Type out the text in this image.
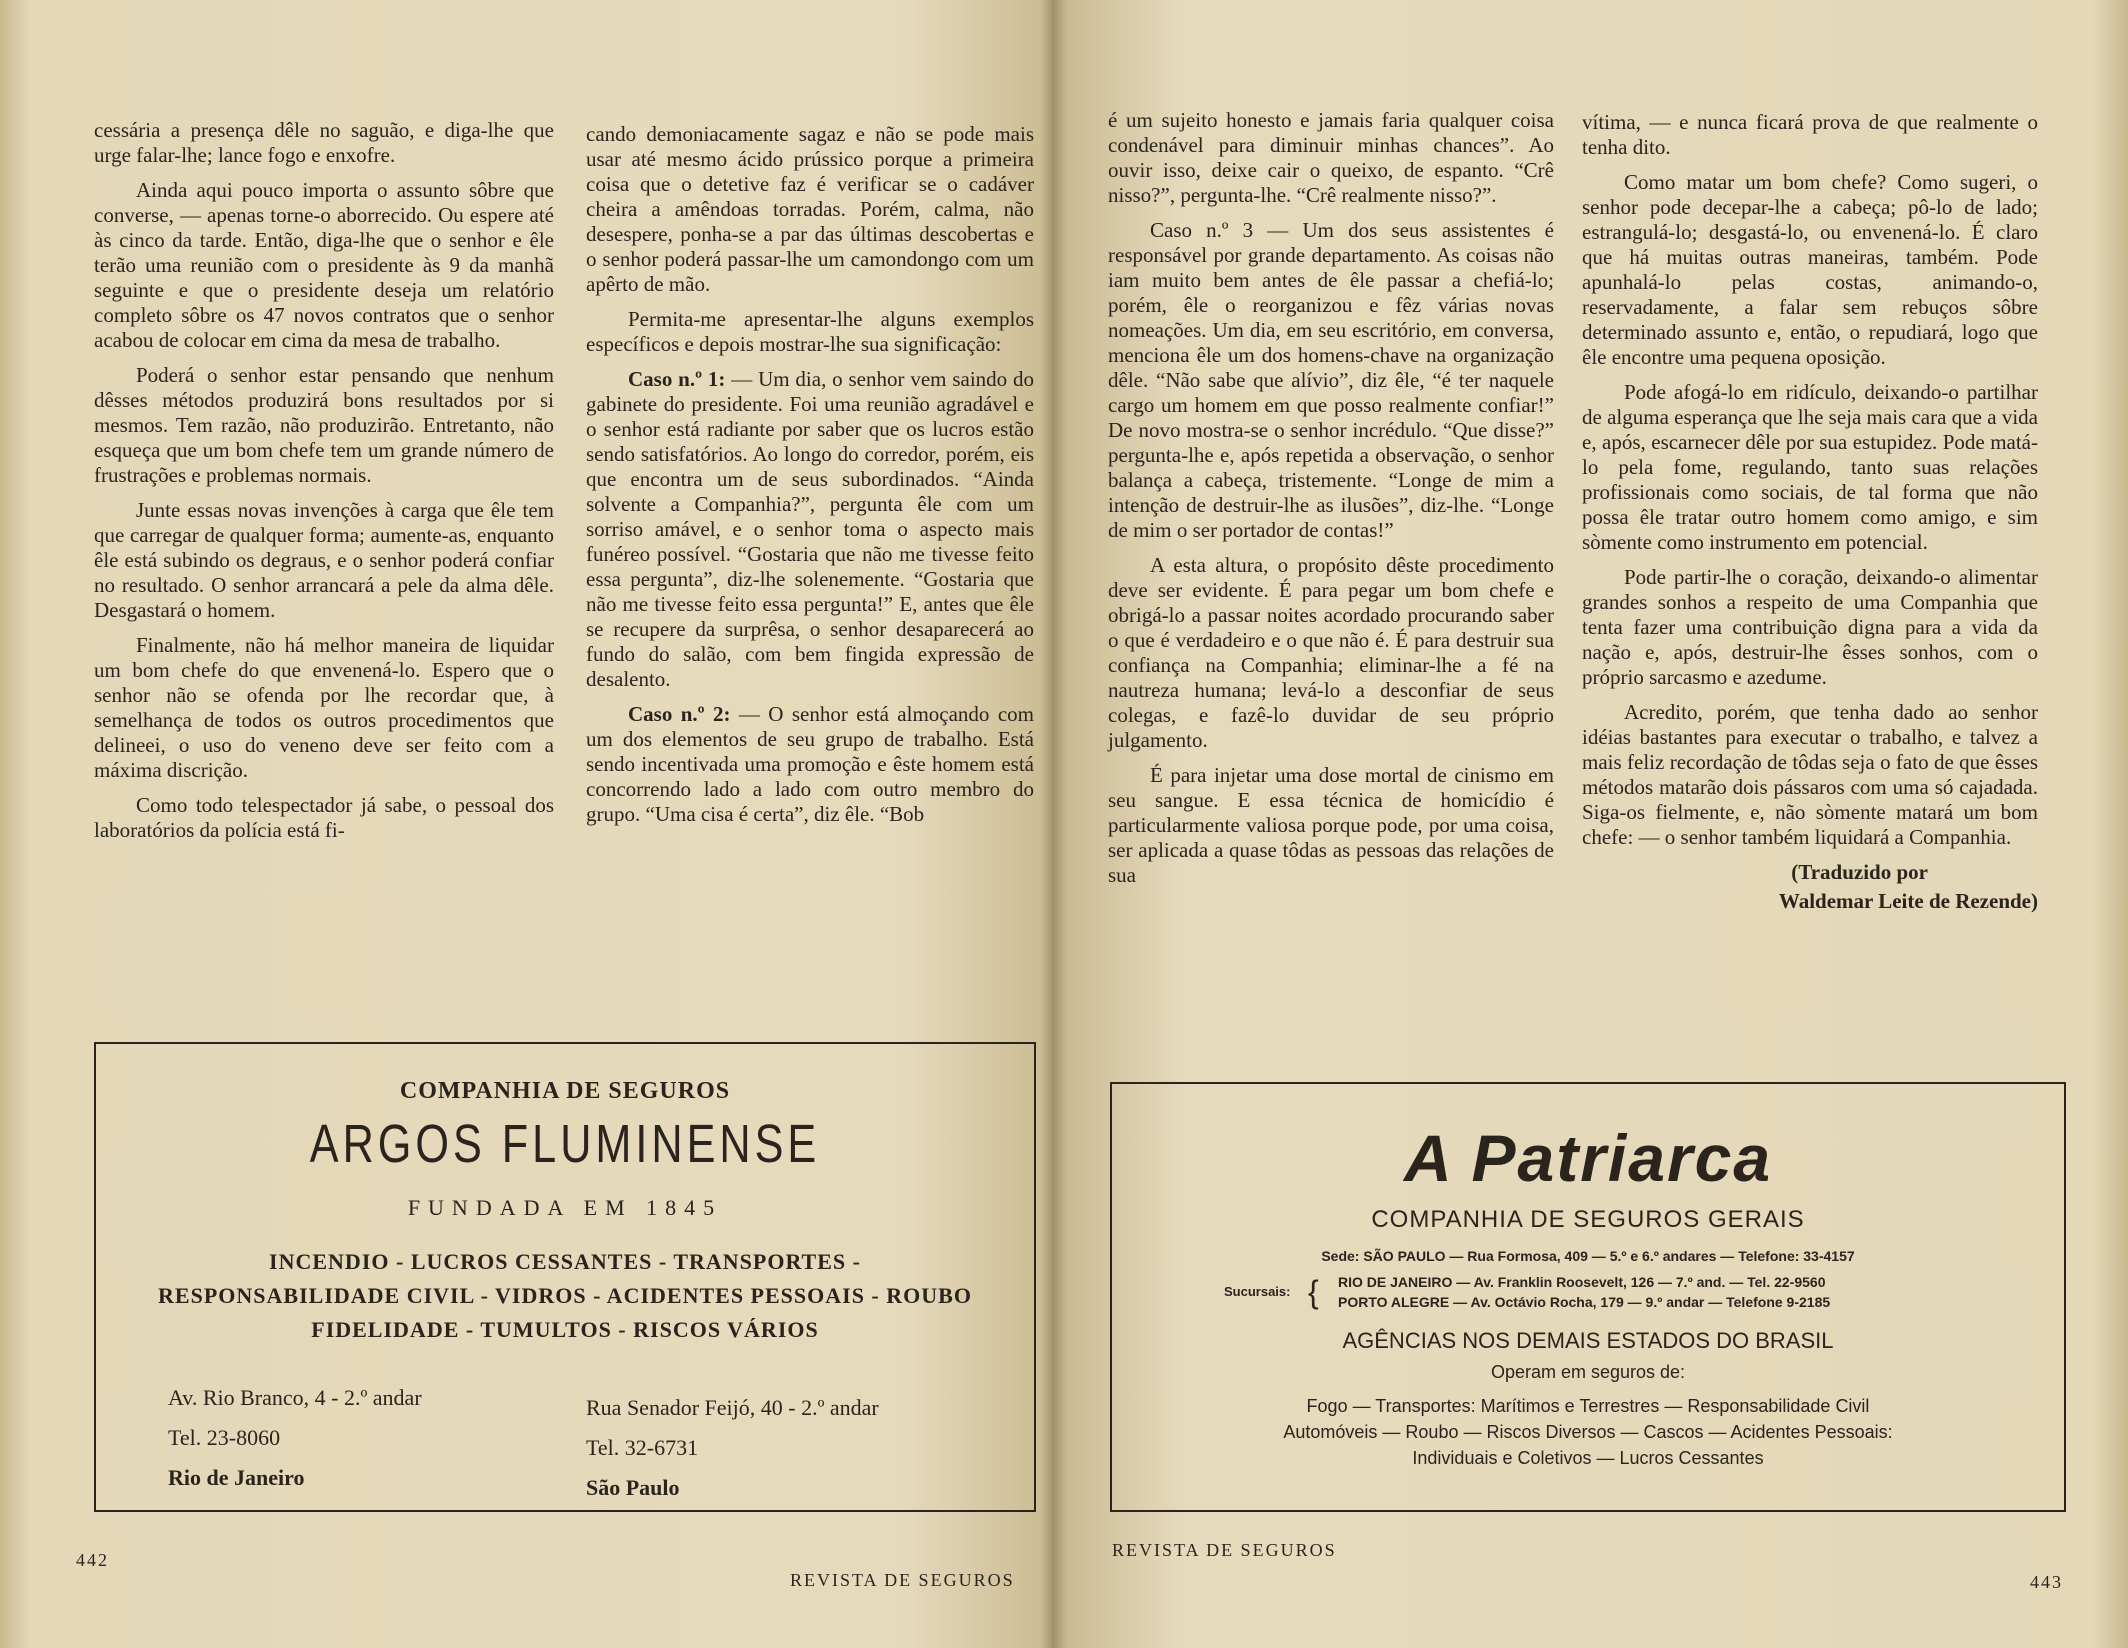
cessária a presença dêle no saguão, e diga-lhe que urge falar-lhe; lance fogo e enxofre.

Ainda aqui pouco importa o assunto sôbre que converse, — apenas torne-o aborrecido. Ou espere até às cinco da tarde. Então, diga-lhe que o senhor e êle terão uma reunião com o presidente às 9 da manhã seguinte e que o presidente deseja um relatório completo sôbre os 47 novos contratos que o senhor acabou de colocar em cima da mesa de trabalho.

Poderá o senhor estar pensando que nenhum dêsses métodos produzirá bons resultados por si mesmos. Tem razão, não produzirão. Entretanto, não esqueça que um bom chefe tem um grande número de frustrações e problemas normais.

Junte essas novas invenções à carga que êle tem que carregar de qualquer forma; aumente-as, enquanto êle está subindo os degraus, e o senhor poderá confiar no resultado. O senhor arrancará a pele da alma dêle. Desgastará o homem.

Finalmente, não há melhor maneira de liquidar um bom chefe do que envenená-lo. Espero que o senhor não se ofenda por lhe recordar que, à semelhança de todos os outros procedimentos que delineei, o uso do veneno deve ser feito com a máxima discrição.

Como todo telespectador já sabe, o pessoal dos laboratórios da polícia está fi-

cando demoniacamente sagaz e não se pode mais usar até mesmo ácido prússico porque a primeira coisa que o detetive faz é verificar se o cadáver cheira a amêndoas torradas. Porém, calma, não desespere, ponha-se a par das últimas descobertas e o senhor poderá passar-lhe um camondongo com um apêrto de mão.

Permita-me apresentar-lhe alguns exemplos específicos e depois mostrar-lhe sua significação:

Caso n.º 1: — Um dia, o senhor vem saindo do gabinete do presidente. Foi uma reunião agradável e o senhor está radiante por saber que os lucros estão sendo satisfatórios. Ao longo do corredor, porém, eis que encontra um de seus subordinados. “Ainda solvente a Companhia?”, pergunta êle com um sorriso amável, e o senhor toma o aspecto mais funéreo possível. “Gostaria que não me tivesse feito essa pergunta”, diz-lhe solenemente. “Gostaria que não me tivesse feito essa pergunta!” E, antes que êle se recupere da surprêsa, o senhor desaparecerá ao fundo do salão, com bem fingida expressão de desalento.

Caso n.º 2: — O senhor está almoçando com um dos elementos de seu grupo de trabalho. Está sendo incentivada uma promoção e êste homem está concorrendo lado a lado com outro membro do grupo. “Uma cisa é certa”, diz êle. “Bob

COMPANHIA DE SEGUROS
ARGOS FLUMINENSE
FUNDADA EM 1845
INCENDIO - LUCROS CESSANTES - TRANSPORTES - RESPONSABILIDADE CIVIL - VIDROS - ACIDENTES PESSOAIS - ROUBO
FIDELIDADE - TUMULTOS - RISCOS VÁRIOS
Av. Rio Branco, 4 - 2.º andar
Tel. 23-8060
Rio de Janeiro
Rua Senador Feijó, 40 - 2.º andar
Tel. 32-6731
São Paulo
442
REVISTA DE SEGUROS

é um sujeito honesto e jamais faria qualquer coisa condenável para diminuir minhas chances”. Ao ouvir isso, deixe cair o queixo, de espanto. “Crê nisso?”, pergunta-lhe. “Crê realmente nisso?”.

Caso n.º 3 — Um dos seus assistentes é responsável por grande departamento. As coisas não iam muito bem antes de êle passar a chefiá-lo; porém, êle o reorganizou e fêz várias novas nomeações. Um dia, em seu escritório, em conversa, menciona êle um dos homens-chave na organização dêle. “Não sabe que alívio”, diz êle, “é ter naquele cargo um homem em que posso realmente confiar!” De novo mostra-se o senhor incrédulo. “Que disse?” pergunta-lhe e, após repetida a observação, o senhor balança a cabeça, tristemente. “Longe de mim a intenção de destruir-lhe as ilusões”, diz-lhe. “Longe de mim o ser portador de contas!”

A esta altura, o propósito dêste procedimento deve ser evidente. É para pegar um bom chefe e obrigá-lo a passar noites acordado procurando saber o que é verdadeiro e o que não é. É para destruir sua confiança na Companhia; eliminar-lhe a fé na nautreza humana; levá-lo a desconfiar de seus colegas, e fazê-lo duvidar de seu próprio julgamento.

É para injetar uma dose mortal de cinismo em seu sangue. E essa técnica de homicídio é particularmente valiosa porque pode, por uma coisa, ser aplicada a quase tôdas as pessoas das relações de sua

vítima, — e nunca ficará prova de que realmente o tenha dito.

Como matar um bom chefe? Como sugeri, o senhor pode decepar-lhe a cabeça; pô-lo de lado; estrangulá-lo; desgastá-lo, ou envenená-lo. É claro que há muitas outras maneiras, também. Pode apunhalá-lo pelas costas, animando-o, reservadamente, a falar sem rebuços sôbre determinado assunto e, então, o repudiará, logo que êle encontre uma pequena oposição.

Pode afogá-lo em ridículo, deixando-o partilhar de alguma esperança que lhe seja mais cara que a vida e, após, escarnecer dêle por sua estupidez. Pode matá-lo pela fome, regulando, tanto suas relações profissionais como sociais, de tal forma que não possa êle tratar outro homem como amigo, e sim sòmente como instrumento em potencial.

Pode partir-lhe o coração, deixando-o alimentar grandes sonhos a respeito de uma Companhia que tenta fazer uma contribuição digna para a vida da nação e, após, destruir-lhe êsses sonhos, com o próprio sarcasmo e azedume.

Acredito, porém, que tenha dado ao senhor idéias bastantes para executar o trabalho, e talvez a mais feliz recordação de tôdas seja o fato de que êsses métodos matarão dois pássaros com uma só cajadada. Siga-os fielmente, e, não sòmente matará um bom chefe: — o senhor também liquidará a Companhia.

(Traduzido por
Waldemar Leite de Rezende)
A Patriarca
COMPANHIA DE SEGUROS GERAIS
Sede: SÃO PAULO — Rua Formosa, 409 — 5.º e 6.º andares — Telefone: 33-4157
Sucursais: { RIO DE JANEIRO — Av. Franklin Roosevelt, 126 — 7.º and. — Tel. 22-9560
PORTO ALEGRE — Av. Octávio Rocha, 179 — 9.º andar — Telefone 9-2185
AGÊNCIAS NOS DEMAIS ESTADOS DO BRASIL
Operam em seguros de:
Fogo — Transportes: Marítimos e Terrestres — Responsabilidade Civil
Automóveis — Roubo — Riscos Diversos — Cascos — Acidentes Pessoais:
Individuais e Coletivos — Lucros Cessantes
REVISTA DE SEGUROS
443
